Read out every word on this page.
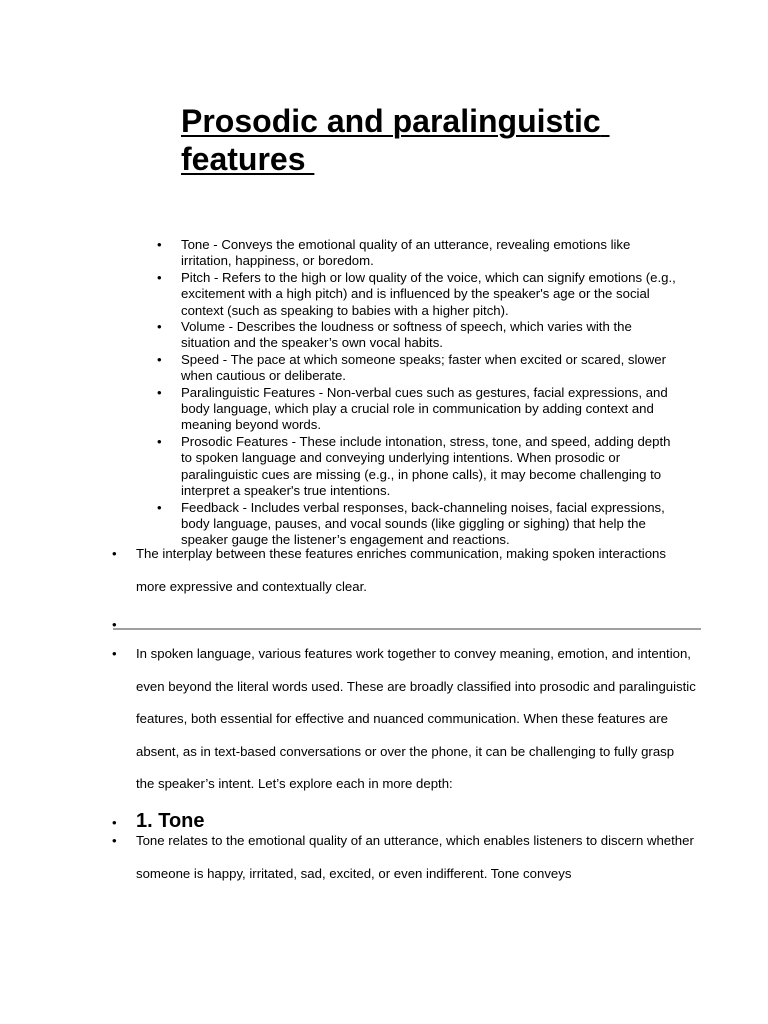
Prosodic and paralinguistic features
• Tone - Conveys the emotional quality of an utterance, revealing emotions like irritation, happiness, or boredom.
• Pitch - Refers to the high or low quality of the voice, which can signify emotions (e.g., excitement with a high pitch) and is influenced by the speaker's age or the social context (such as speaking to babies with a higher pitch).
• Volume - Describes the loudness or softness of speech, which varies with the situation and the speaker’s own vocal habits.
• Speed - The pace at which someone speaks; faster when excited or scared, slower when cautious or deliberate.
• Paralinguistic Features - Non-verbal cues such as gestures, facial expressions, and body language, which play a crucial role in communication by adding context and meaning beyond words.
• Prosodic Features - These include intonation, stress, tone, and speed, adding depth to spoken language and conveying underlying intentions. When prosodic or paralinguistic cues are missing (e.g., in phone calls), it may become challenging to interpret a speaker's true intentions.
• Feedback - Includes verbal responses, back-channeling noises, facial expressions, body language, pauses, and vocal sounds (like giggling or sighing) that help the speaker gauge the listener’s engagement and reactions.
• The interplay between these features enriches communication, making spoken interactions more expressive and contextually clear.
•
• In spoken language, various features work together to convey meaning, emotion, and intention, even beyond the literal words used. These are broadly classified into prosodic and paralinguistic features, both essential for effective and nuanced communication. When these features are absent, as in text-based conversations or over the phone, it can be challenging to fully grasp the speaker’s intent. Let’s explore each in more depth:
• 1. Tone
• Tone relates to the emotional quality of an utterance, which enables listeners to discern whether someone is happy, irritated, sad, excited, or even indifferent. Tone conveys
